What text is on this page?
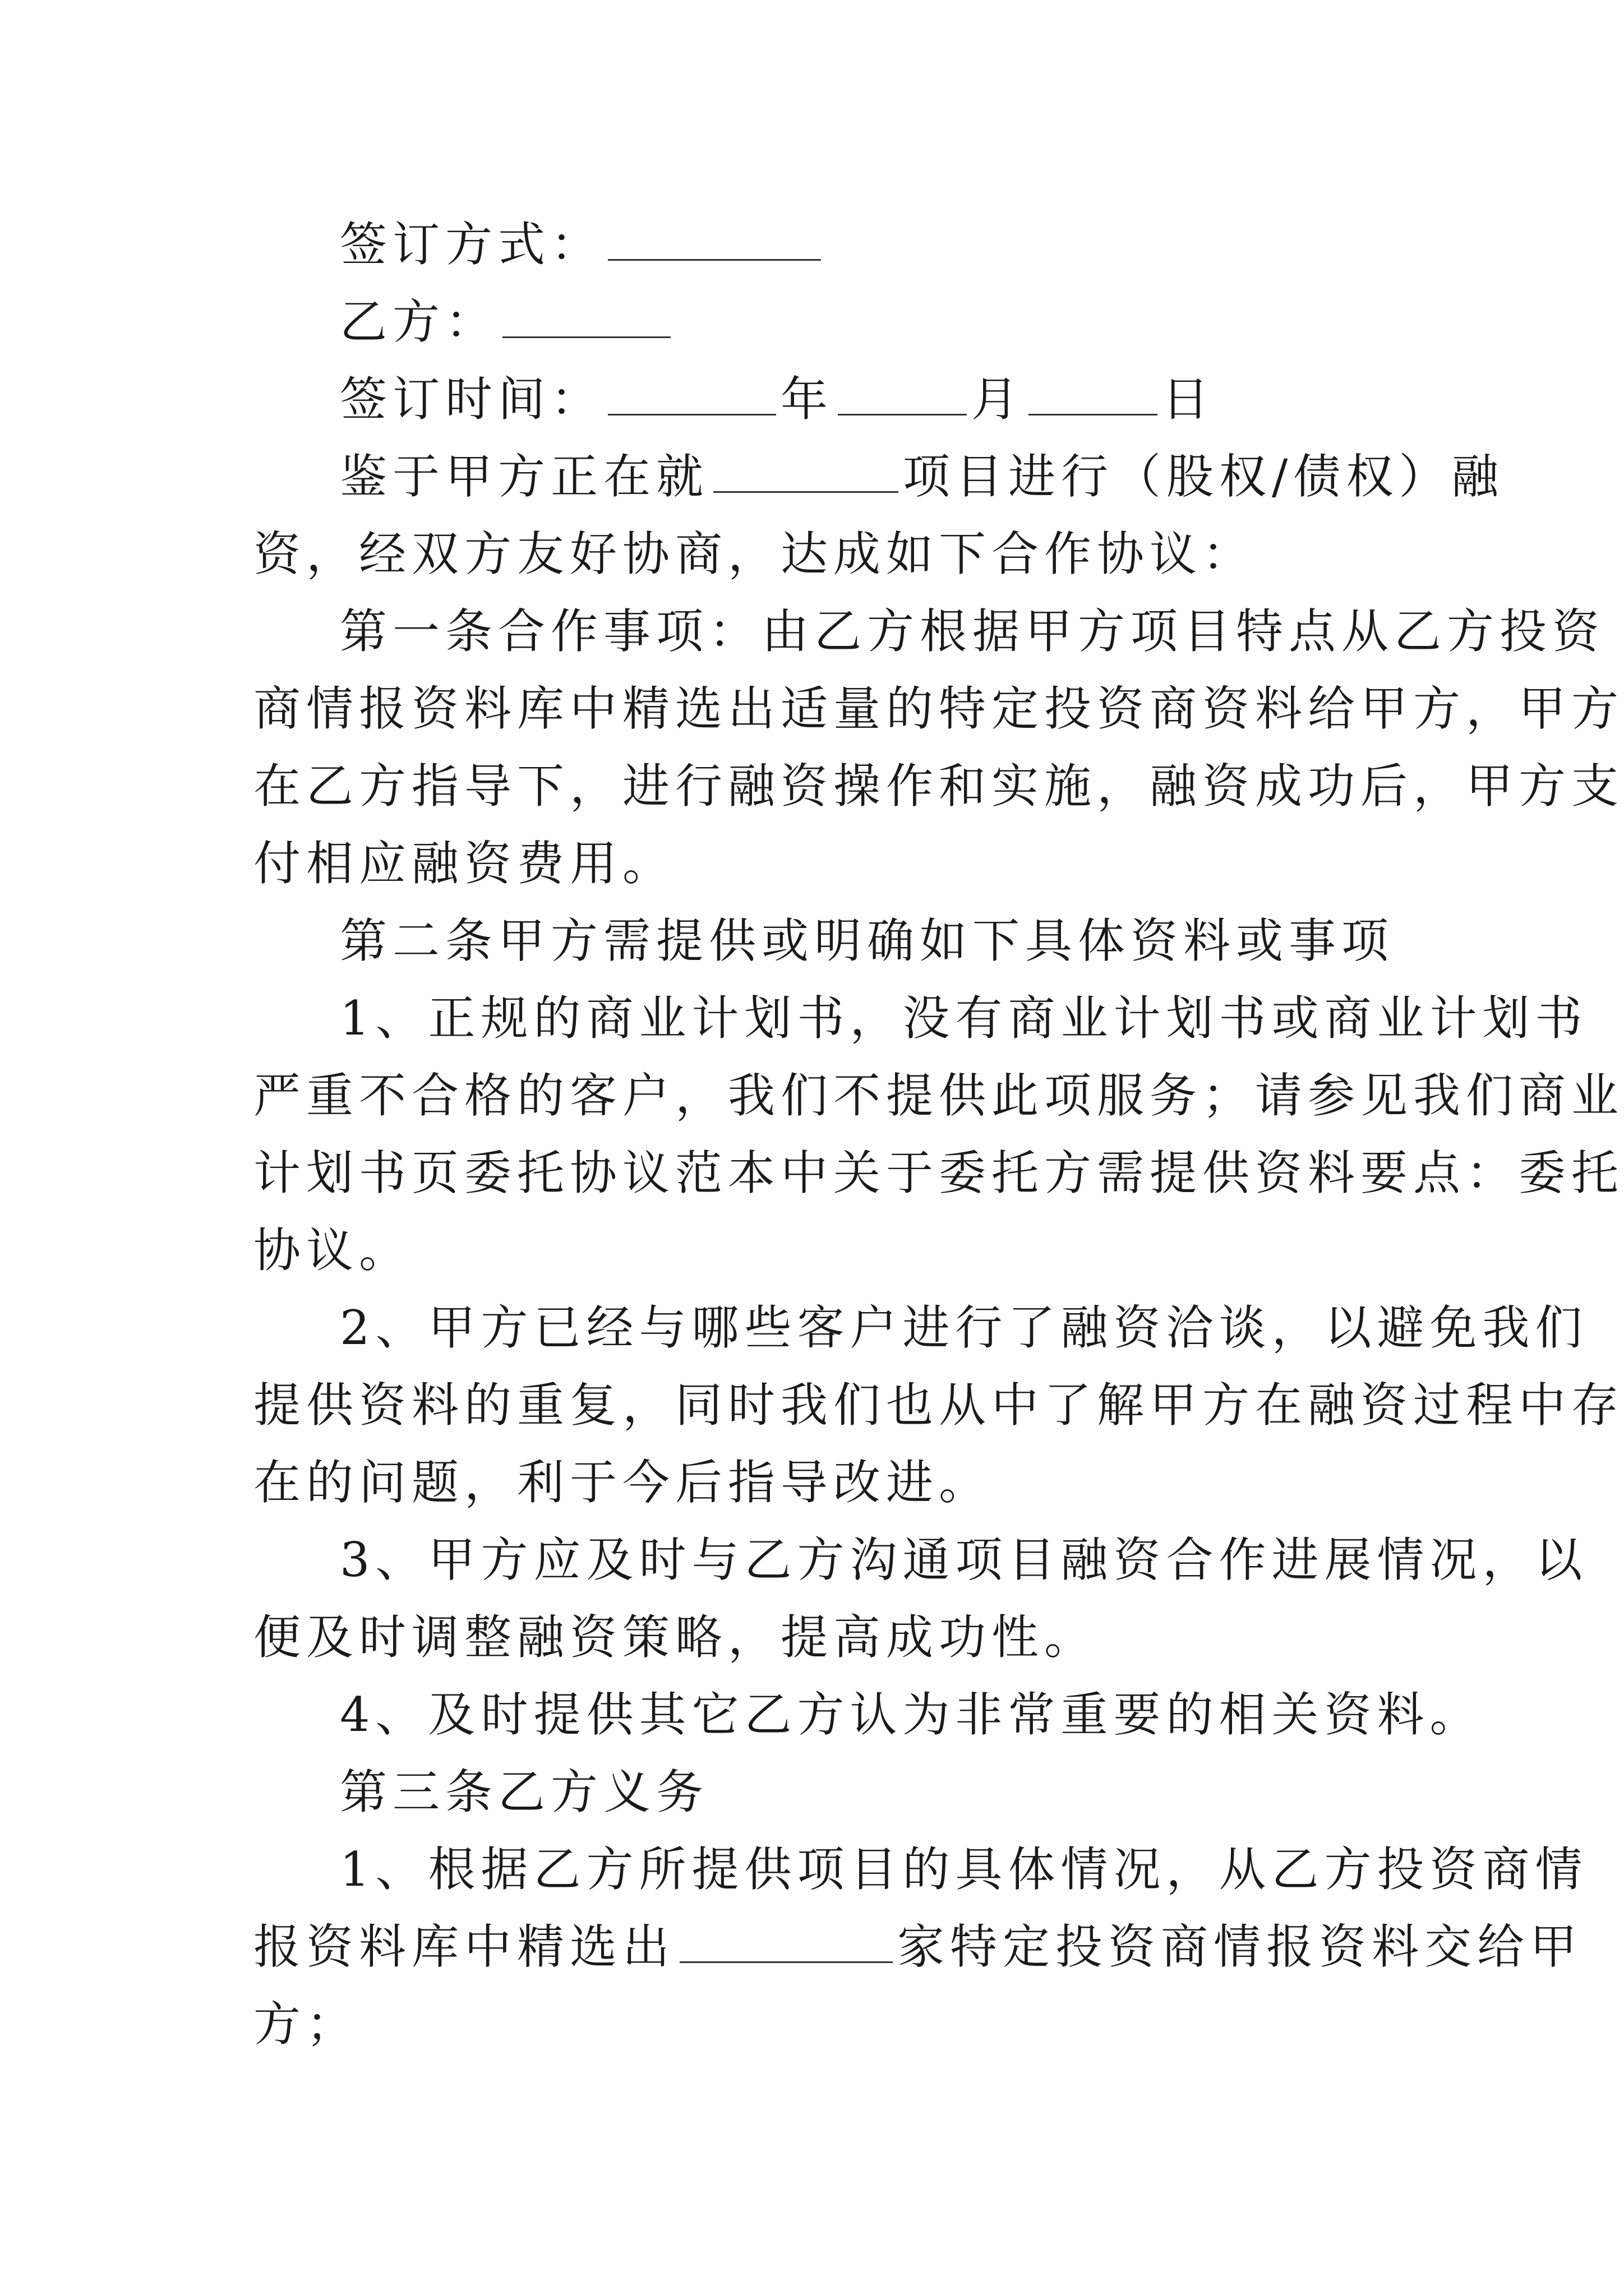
签订方式：
乙方：
签订时间：	年	月	日
鉴于甲方正在就	项目进行（股权/债权）融
资，经双方友好协商，达成如下合作协议：
第一条合作事项：由乙方根据甲方项目特点从乙方投资
商情报资料库中精选出适量的特定投资商资料给甲方，甲方
在乙方指导下，进行融资操作和实施，融资成功后，甲方支
付相应融资费用。
第二条甲方需提供或明确如下具体资料或事项
1、正规的商业计划书，没有商业计划书或商业计划书
严重不合格的客户，我们不提供此项服务；请参见我们商业
计划书页委托协议范本中关于委托方需提供资料要点：委托
协议。
2、甲方已经与哪些客户进行了融资洽谈，以避免我们
提供资料的重复，同时我们也从中了解甲方在融资过程中存
在的问题，利于今后指导改进。
3、甲方应及时与乙方沟通项目融资合作进展情况，以
便及时调整融资策略，提高成功性。
4、及时提供其它乙方认为非常重要的相关资料。
第三条乙方义务
1、根据乙方所提供项目的具体情况，从乙方投资商情
报资料库中精选出	家特定投资商情报资料交给甲
方；
